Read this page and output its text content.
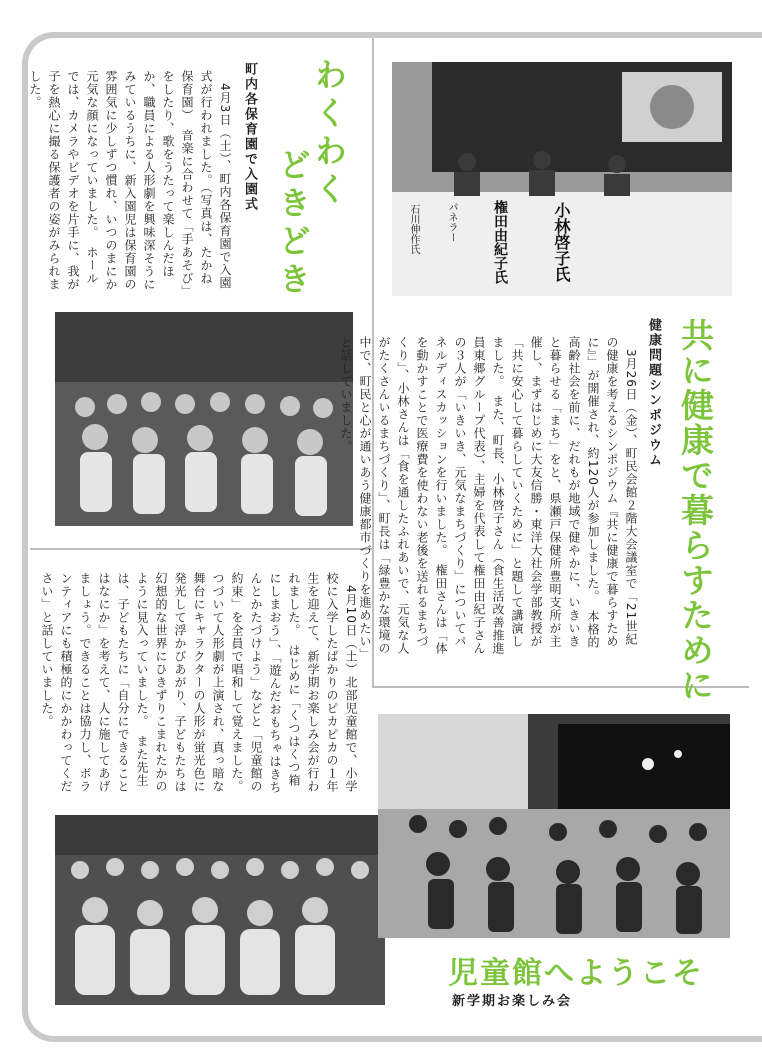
わくわく
どきどき
町内各保育園で入園式

　4月3日（土）、町内各保育園で入園式が行われました。（写真は、たかね保育園）　音楽に合わせて「手あそび」をしたり、歌をうたって楽しんだほか、職員による人形劇を興味深そうにみているうちに、新入園児は保育園の雰囲気に少しずつ慣れ、いつのまにか元気な顔になっていました。　ホールでは、カメラやビデオを片手に、我が子を熱心に撮る保護者の姿がみられました。

小林啓子氏
権田由紀子氏
パネラー
石川伸作氏
共に健康で暮らすために
健康問題シンポジウム

　3月26日（金）、町民会館２階大会議室で「21世紀の健康を考えるシンポジウム『共に健康で暮らすために』」が開催され、約120人が参加しました。　本格的高齢社会を前に、だれもが地域で健やかに、いきいきと暮らせる「まち」をと、県瀬戸保健所豊明支所が主催し、まずはじめに大友信勝・東洋大社会学部教授が「共に安心して暮らしていくために」と題して講演しました。　また、町長、小林啓子さん（食生活改善推進員東郷グループ代表）、主婦を代表して権田由紀子さんの３人が「いきいき、元気なまちづくり」についてパネルディスカッションを行いました。　権田さんは「体を動かすことで医療費を使わない老後を送れるまちづくり」、小林さんは「食を通したふれあいで、元気な人がたくさんいるまちづくり」、町長は「緑豊かな環境の中で、町民と心が通いあう健康都市づくりを進めたい」と話していました。

　4月10日（土）北部児童館で、小学校に入学したばかりのピカピカの１年生を迎えて、新学期お楽しみ会が行われました。　はじめに「くつはくつ箱にしまおう」、「遊んだおもちゃはきちんとかたづけよう」などと「児童館の約束」を全員で唱和して覚えました。　つづいて人形劇が上演され、真っ暗な舞台にキャラクターの人形が蛍光色に発光して浮かびあがり、子どもたちは幻想的な世界にひきずりこまれたかのように見入っていました。　また先生は、子どもたちに「自分にできることはなにか」を考えて、人に施してあげましょう。できることは協力し、ボランティアにも積極的にかかわってください」と話していました。

児童館へようこそ
新学期お楽しみ会
